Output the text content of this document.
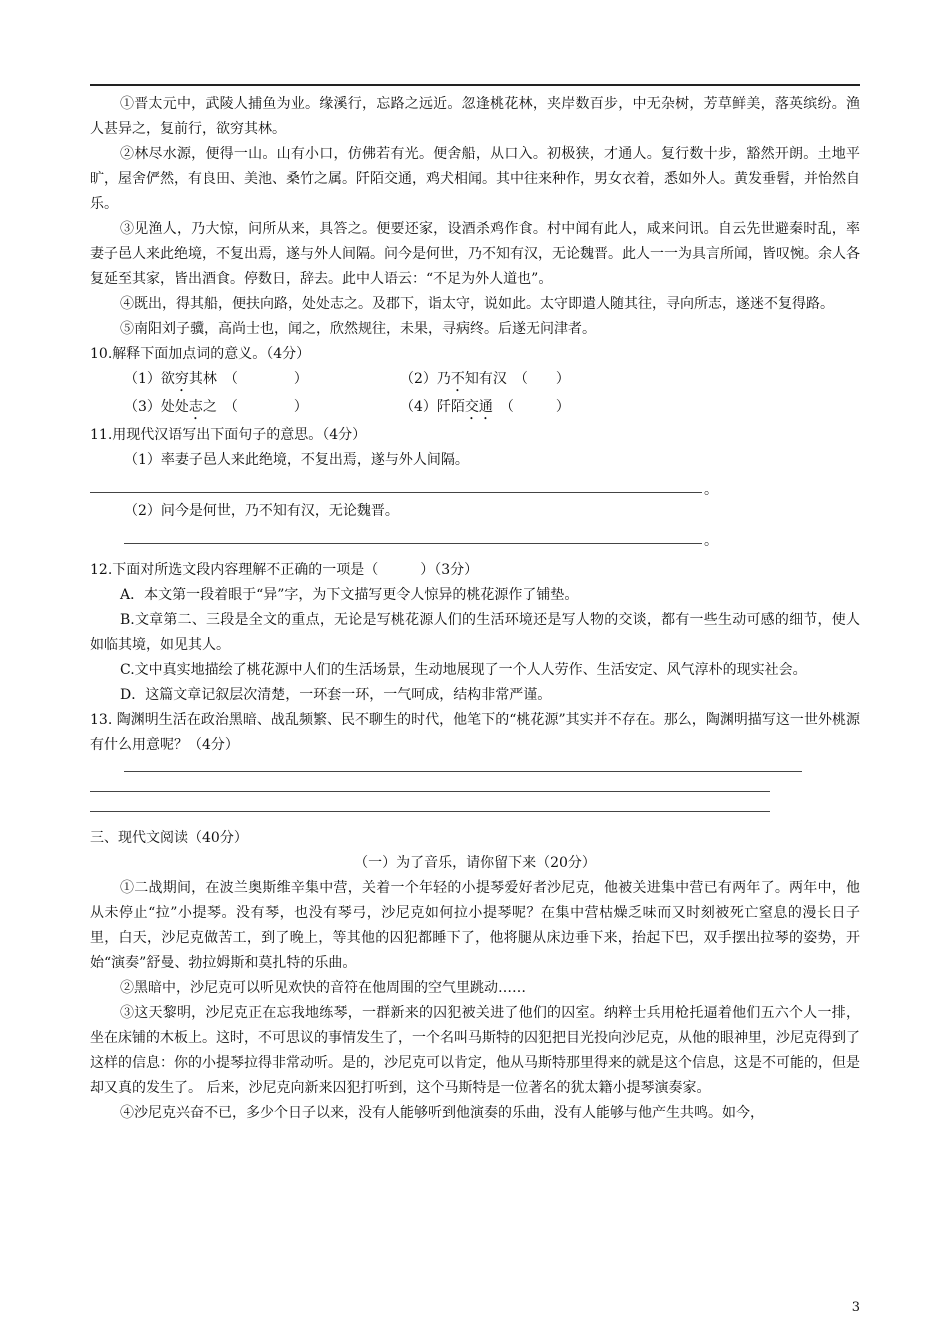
①晋太元中，武陵人捕鱼为业。缘溪行，忘路之远近。忽逢桃花林，夹岸数百步，中无杂树，芳草鲜美，落英缤纷。渔人甚异之，复前行，欲穷其林。

②林尽水源，便得一山。山有小口，仿佛若有光。便舍船，从口入。初极狭，才通人。复行数十步，豁然开朗。土地平旷，屋舍俨然，有良田、美池、桑竹之属。阡陌交通，鸡犬相闻。其中往来种作，男女衣着，悉如外人。黄发垂髫，并怡然自乐。

③见渔人，乃大惊，问所从来，具答之。便要还家，设酒杀鸡作食。村中闻有此人，咸来问讯。自云先世避秦时乱，率妻子邑人来此绝境，不复出焉，遂与外人间隔。问今是何世，乃不知有汉，无论魏晋。此人一一为具言所闻，皆叹惋。余人各复延至其家，皆出酒食。停数日，辞去。此中人语云：“不足为外人道也”。

④既出，得其船，便扶向路，处处志之。及郡下，诣太守，说如此。太守即遣人随其往，寻向所志，遂迷不复得路。

⑤南阳刘子骥，高尚士也，闻之，欣然规往，未果，寻病终。后遂无问津者。

10.解释下面加点词的意义。（4分）

（1）欲穷其林　（　　　　）	（2）乃不知有汉　（　　）
（3）处处志之　（　　　　）	（4）阡陌交通　（　　　）

11.用现代汉语写出下面句子的意思。（4分）

（1）率妻子邑人来此绝境，不复出焉，遂与外人间隔。

。

（2）问今是何世，乃不知有汉，无论魏晋。

。

12.下面对所选文段内容理解不正确的一项是（　　　）（3分）

A．本文第一段着眼于“异”字，为下文描写更令人惊异的桃花源作了铺垫。

B.文章第二、三段是全文的重点，无论是写桃花源人们的生活环境还是写人物的交谈，都有一些生动可感的细节，使人如临其境，如见其人。

C.文中真实地描绘了桃花源中人们的生活场景，生动地展现了一个人人劳作、生活安定、风气淳朴的现实社会。

D．这篇文章记叙层次清楚，一环套一环，一气呵成，结构非常严谨。

13. 陶渊明生活在政治黑暗、战乱频繁、民不聊生的时代，他笔下的“桃花源”其实并不存在。那么，陶渊明描写这一世外桃源有什么用意呢？（4分）

三、现代文阅读（40分）

（一）为了音乐，请你留下来（20分）

①二战期间，在波兰奥斯维辛集中营，关着一个年轻的小提琴爱好者沙尼克，他被关进集中营已有两年了。两年中，他从未停止“拉”小提琴。没有琴，也没有琴弓，沙尼克如何拉小提琴呢？在集中营枯燥乏味而又时刻被死亡窒息的漫长日子里，白天，沙尼克做苦工，到了晚上，等其他的囚犯都睡下了，他将腿从床边垂下来，抬起下巴，双手摆出拉琴的姿势，开始“演奏”舒曼、勃拉姆斯和莫扎特的乐曲。

②黑暗中，沙尼克可以听见欢快的音符在他周围的空气里跳动……

③这天黎明，沙尼克正在忘我地练琴，一群新来的囚犯被关进了他们的囚室。纳粹士兵用枪托逼着他们五六个人一排，坐在床铺的木板上。这时，不可思议的事情发生了，一个名叫马斯特的囚犯把目光投向沙尼克，从他的眼神里，沙尼克得到了这样的信息：你的小提琴拉得非常动听。是的，沙尼克可以肯定，他从马斯特那里得来的就是这个信息，这是不可能的，但是却又真的发生了。 后来，沙尼克向新来囚犯打听到，这个马斯特是一位著名的犹太籍小提琴演奏家。

④沙尼克兴奋不已，多少个日子以来，没有人能够听到他演奏的乐曲，没有人能够与他产生共鸣。如今，

3
